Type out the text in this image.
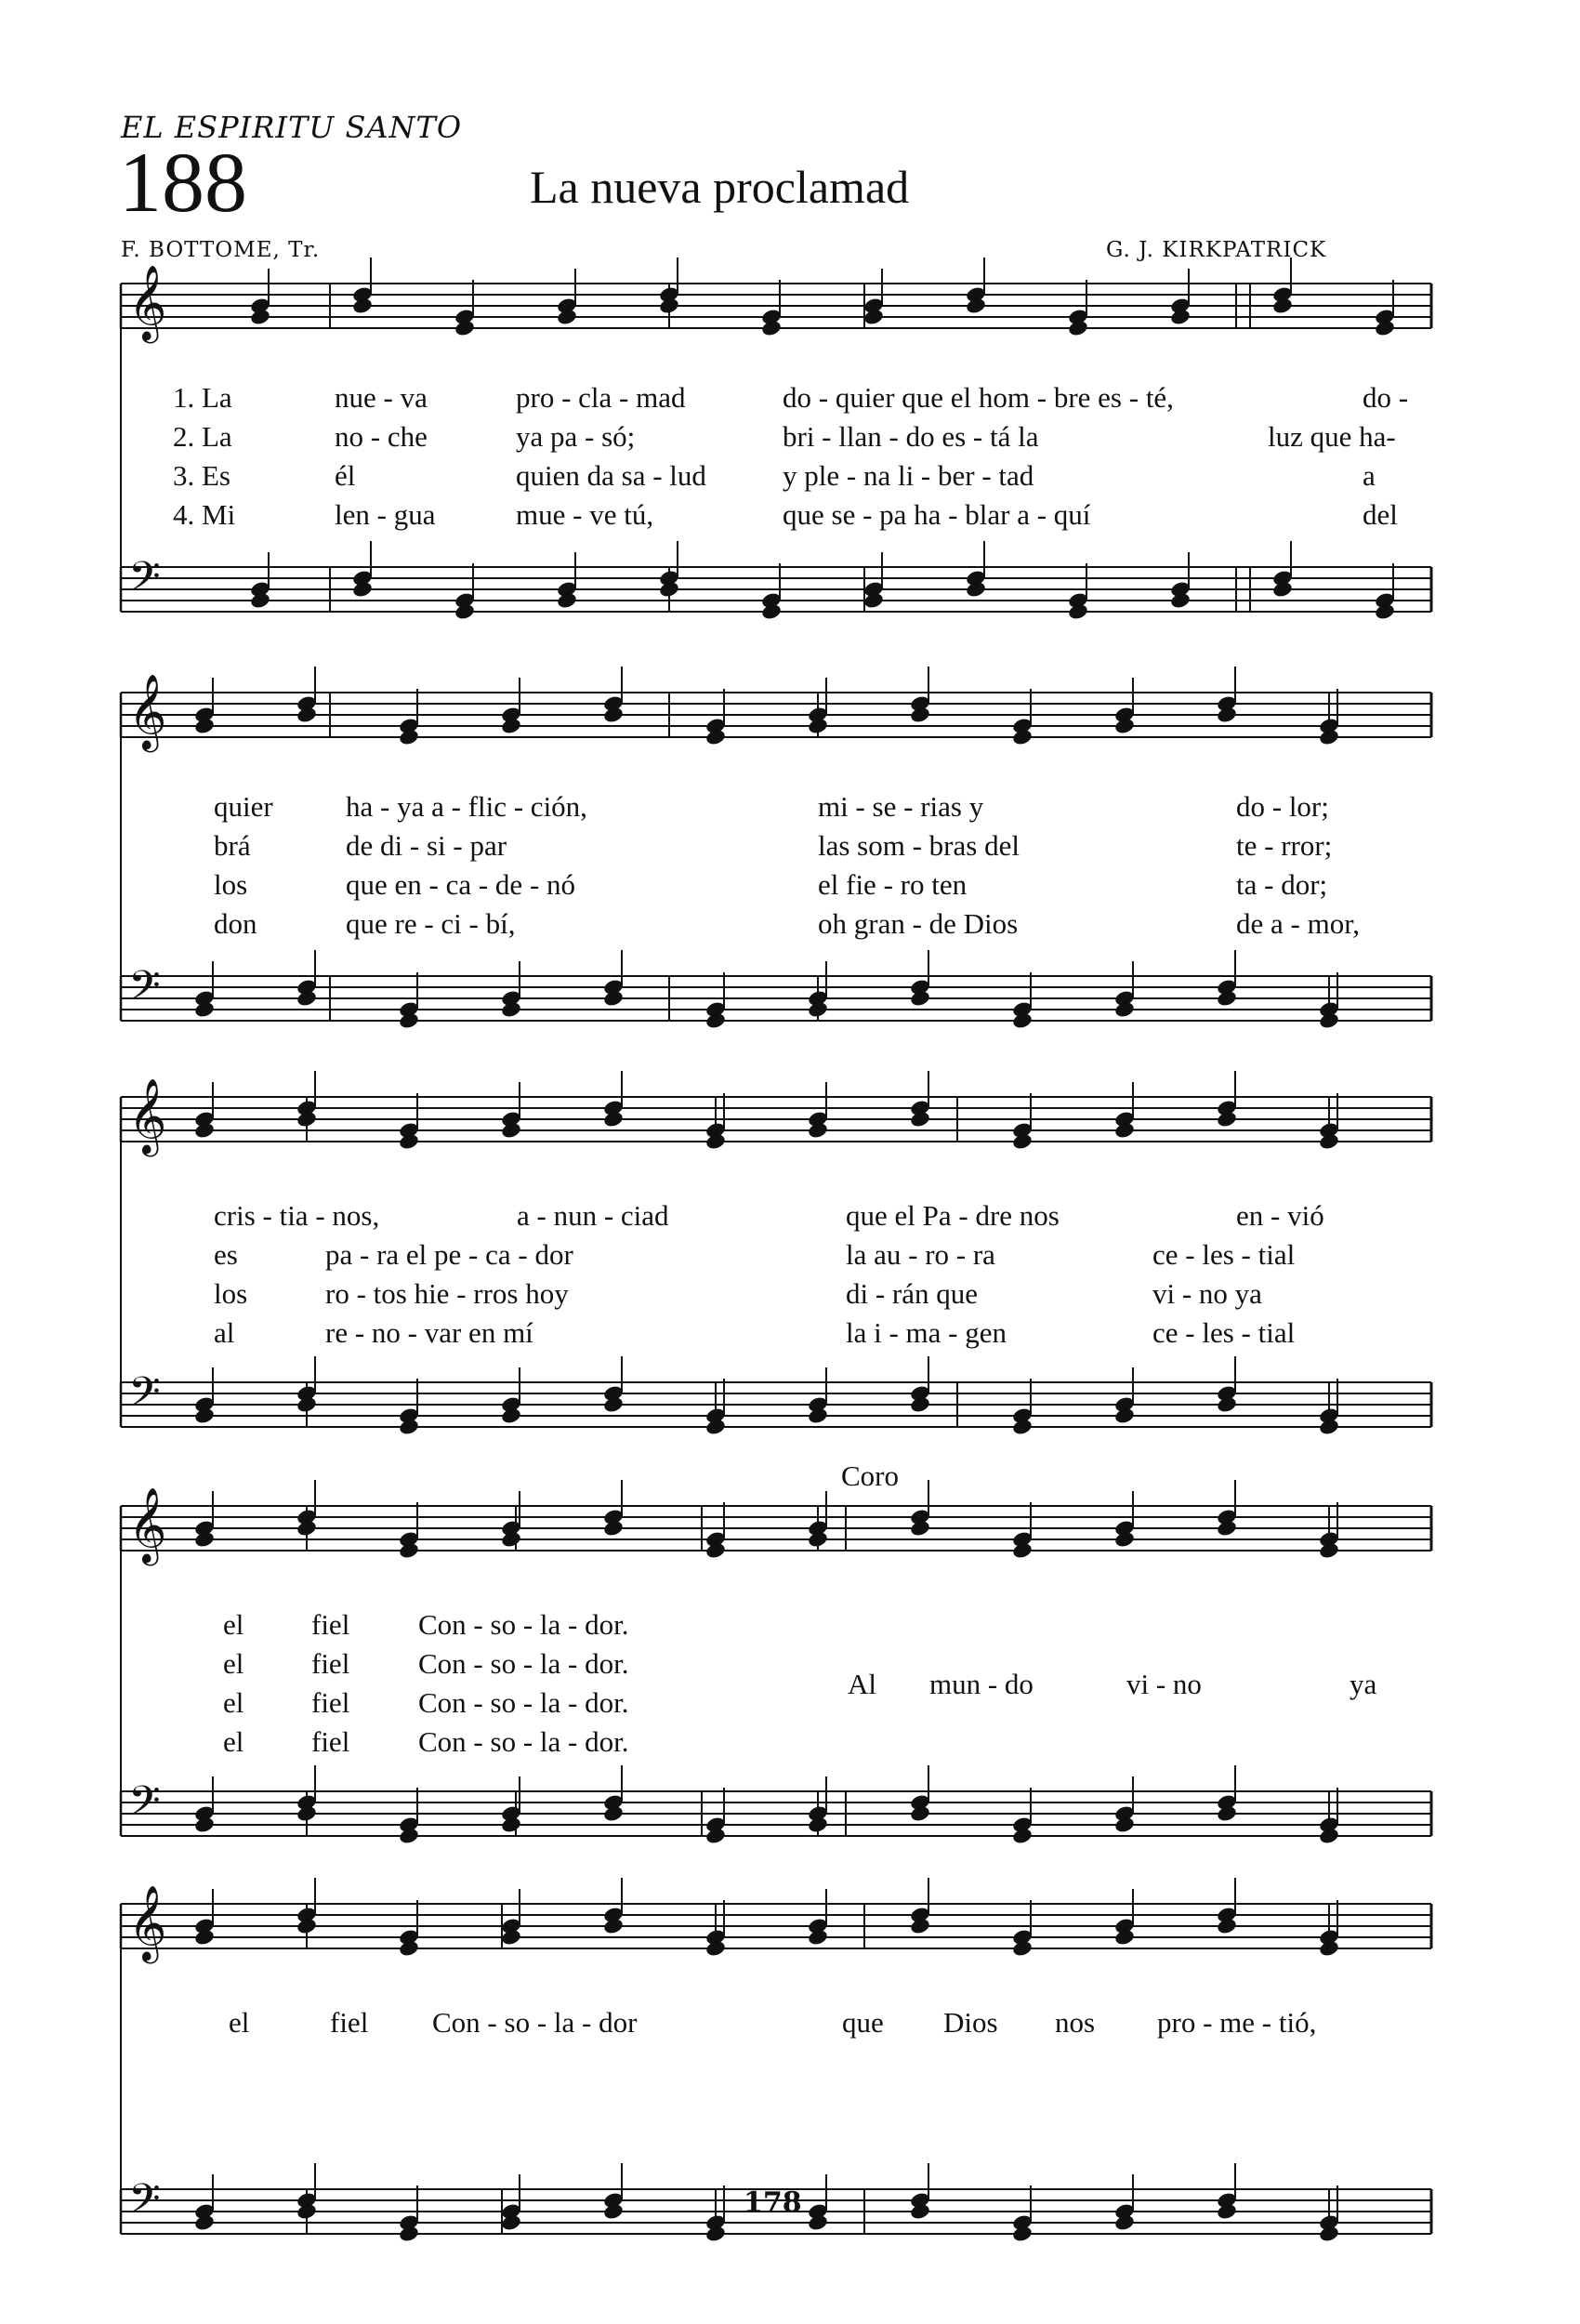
EL ESPIRITU SANTO
188	La nueva proclamad
F. BOTTOME, Tr.	G. J. KIRKPATRICK
𝄞
𝄢
𝄞
𝄢
𝄞
𝄢
𝄞
𝄢
𝄞
𝄢
1. La	nue - va	pro - cla - mad	do - quier que el hom - bre es - té,	do -
2. La	no - che	ya pa - só;	bri - llan - do es - tá la	luz que ha-
3. Es	él	quien da sa - lud	y ple - na li - ber - tad	a
4. Mi	len - gua	mue - ve tú,	que se - pa ha - blar a - quí	del
quier	ha - ya a - flic - ción,	mi - se - rias y	do - lor;
brá	de di - si - par	las som - bras del	te - rror;
los	que en - ca - de - nó	el fie - ro ten	ta - dor;
don	que re - ci - bí,	oh gran - de Dios	de a - mor,
cris - tia - nos,	a - nun - ciad	que el Pa - dre nos	en - vió
es	pa - ra el pe - ca - dor	la au - ro - ra	ce - les - tial
los	ro - tos hie - rros hoy	di - rán que	vi - no ya
al	re - no - var en mí	la i - ma - gen	ce - les - tial
Coro
el fiel Con - so - la - dor.
el fiel Con - so - la - dor.
el fiel Con - so - la - dor.
el fiel Con - so - la - dor.
Al mun - do	vi - no	ya
el	fiel Con - so - la - dor	que Dios nos pro - me - tió,
178
